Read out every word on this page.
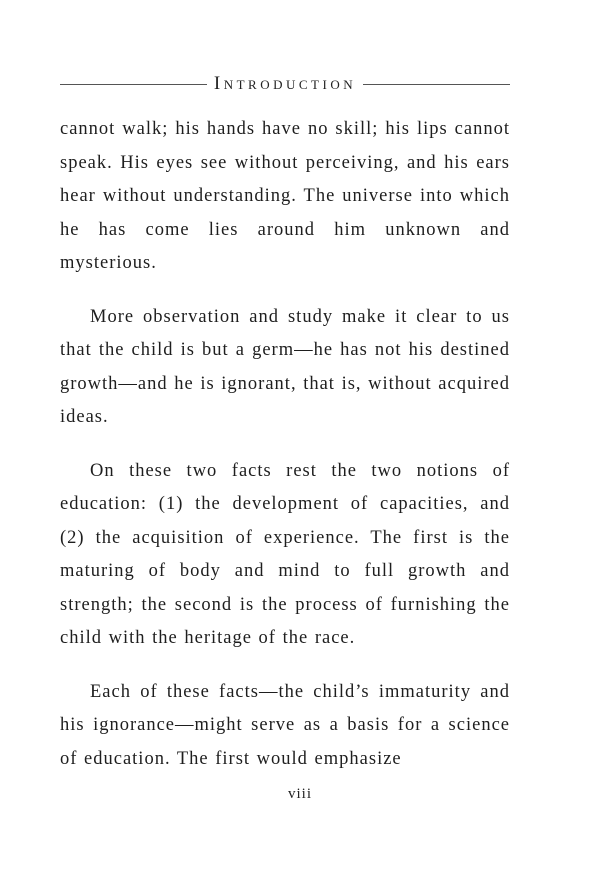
Introduction

cannot walk; his hands have no skill; his lips cannot speak. His eyes see without perceiving, and his ears hear without understanding. The universe into which he has come lies around him unknown and mysterious.

More observation and study make it clear to us that the child is but a germ—he has not his destined growth—and he is ignorant, that is, without acquired ideas.

On these two facts rest the two notions of education: (1) the development of capacities, and (2) the acquisition of experience. The first is the maturing of body and mind to full growth and strength; the second is the process of furnishing the child with the heritage of the race.

Each of these facts—the child’s immaturity and his ignorance—might serve as a basis for a science of education. The first would emphasize

viii
